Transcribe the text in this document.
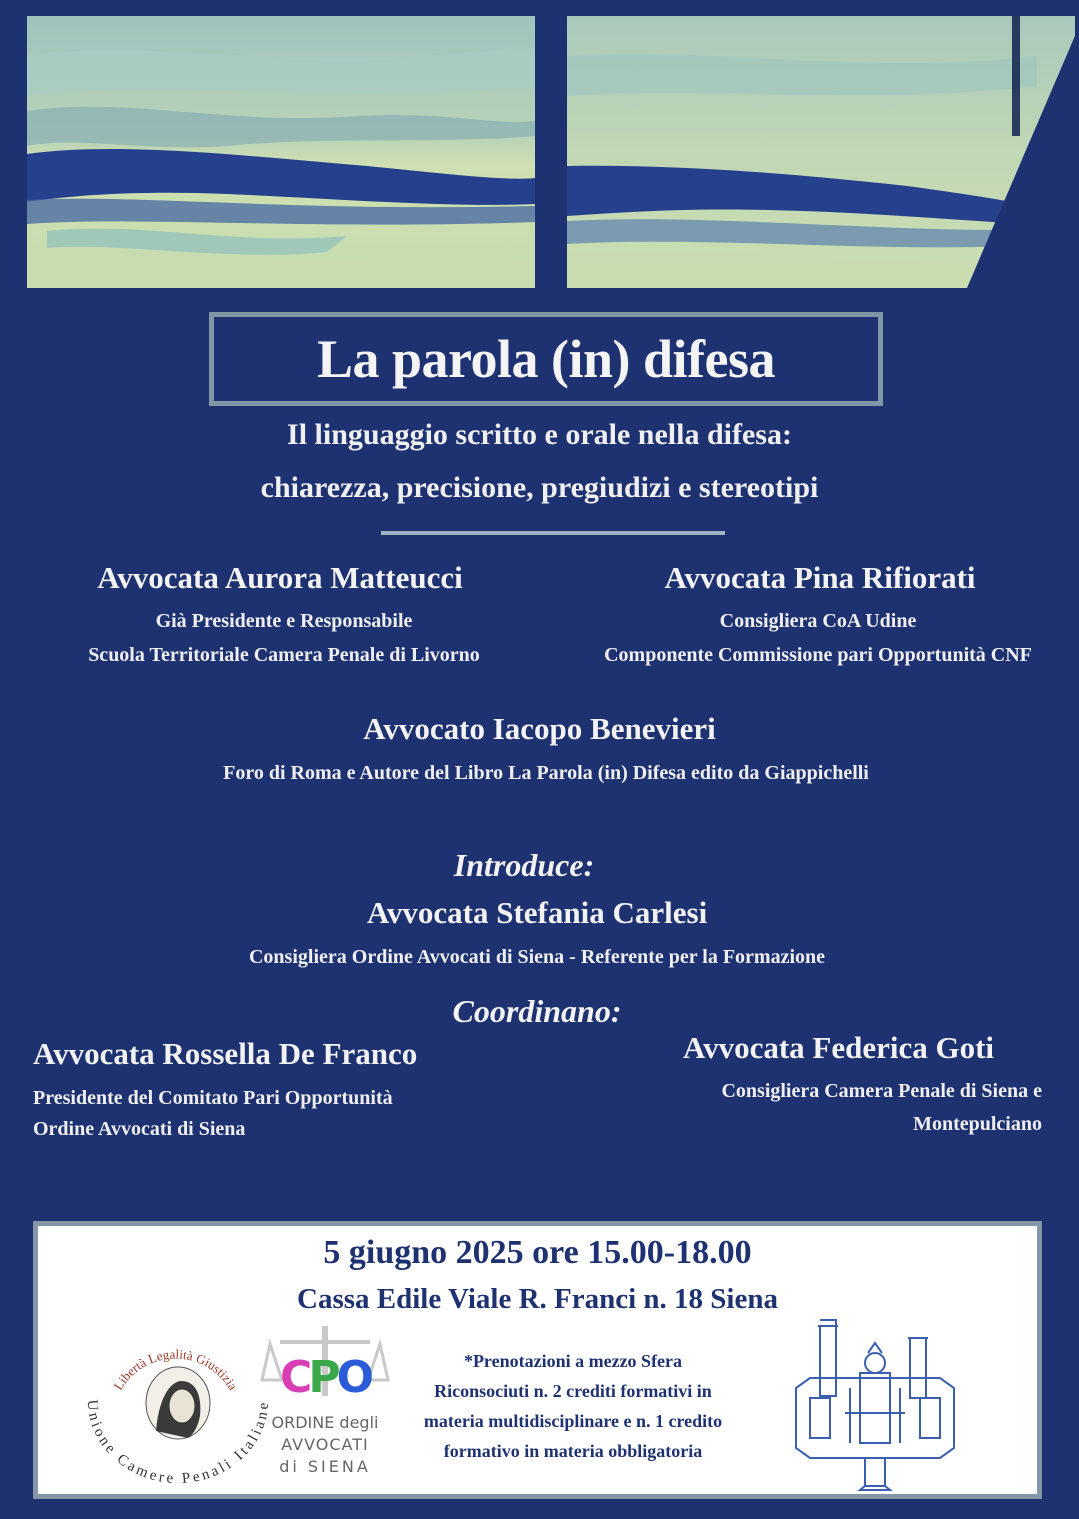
La parola (in) difesa
Il linguaggio scritto e orale nella difesa:
chiarezza, precisione, pregiudizi e stereotipi
Avvocata Aurora Matteucci
Già Presidente e Responsabile
Scuola Territoriale Camera Penale di Livorno
Avvocata Pina Rifiorati
Consigliera CoA Udine
Componente Commissione pari Opportunità CNF
Avvocato Iacopo Benevieri
Foro di Roma e Autore del Libro La Parola (in) Difesa edito da Giappichelli
Introduce:
Avvocata Stefania Carlesi
Consigliera Ordine Avvocati di Siena - Referente per la Formazione
Coordinano:
Avvocata Rossella De Franco
Presidente del Comitato Pari Opportunità
Ordine Avvocati di Siena
Avvocata Federica Goti
Consigliera Camera Penale di Siena e
Montepulciano
5 giugno 2025 ore 15.00-18.00
Cassa Edile Viale R. Franci n. 18 Siena
Libertà Legalità Giustizia
Unione Camere Penali Italiane
CPO
ORDINE degli
AVVOCATI
di SIENA
*Prenotazioni a mezzo Sfera
Riconsociuti n. 2 crediti formativi in
materia multidisciplinare e n. 1 credito
formativo in materia obbligatoria
